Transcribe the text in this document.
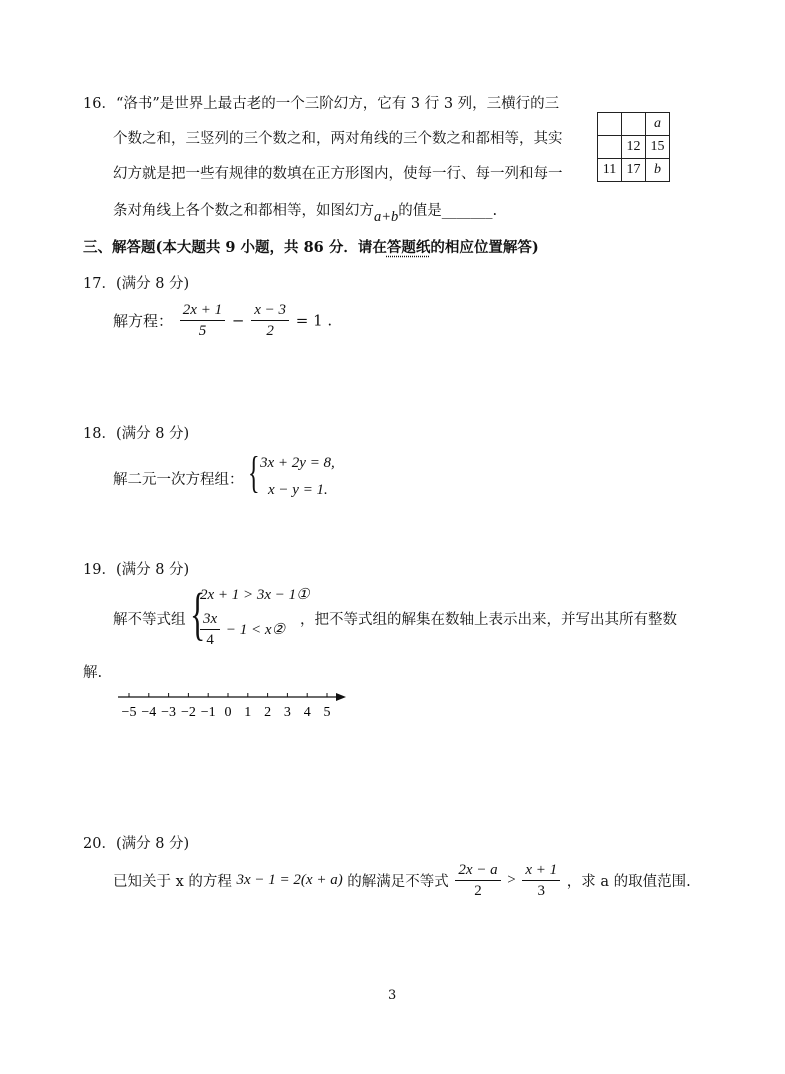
16．“洛书”是世界上最古老的一个三阶幻方，它有 3 行 3 列，三横行的三
个数之和，三竖列的三个数之和，两对角线的三个数之和都相等，其实
幻方就是把一些有规律的数填在正方形图内，使每一行、每一列和每一
条对角线上各个数之和都相等，如图幻方a+b的值是_______.
		a
	12	15
11	17	b
三、解答题(本大题共 9 小题，共 86 分．请在答题纸的相应位置解答)
17．(满分 8 分)
解方程： $\frac{2x + 1}{5} - \frac{x - 3}{2} = 1$ .
18．(满分 8 分)
解二元一次方程组： { 3x + 2y = 8,
x − y = 1.
19．(满分 8 分)
解不等式组 {
2x + 1 > 3x − 1①
$\frac{3x}{4} - 1$ < x②
，把不等式组的解集在数轴上表示出来，并写出其所有整数
解.
−5 −4 −3 −2 −1 0 1 2 3 4 5
20．(满分 8 分)
已知关于 x 的方程 3x − 1 = 2(x + a) 的解满足不等式 $\frac{2x - a}{2} > \frac{x + 1}{3}$ ，求 a 的取值范围.
3
